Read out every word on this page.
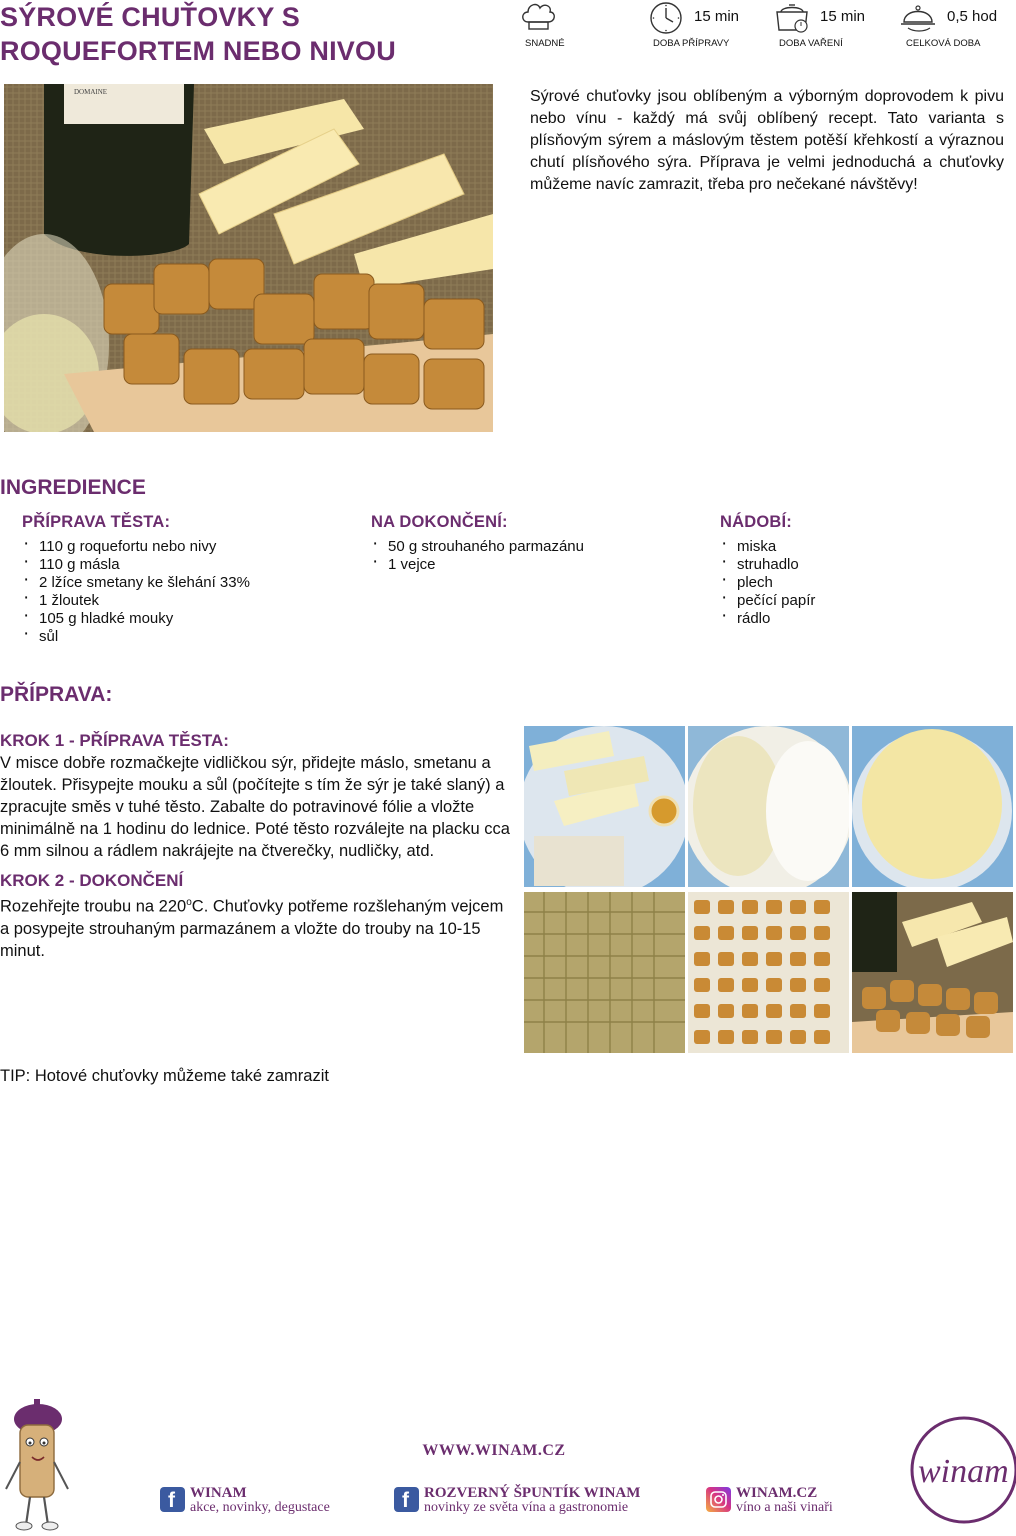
SÝROVÉ CHUŤOVKY S ROQUEFORTEM NEBO NIVOU	SNADNÉ
15 min
DOBA PŘÍPRAVY
15 min
DOBA VAŘENÍ
0,5 hod
CELKOVÁ DOBA
DOMAINE	Sýrové chuťovky jsou oblíbeným a výborným doprovodem k pivu nebo vínu - každý má svůj oblíbený recept. Tato varianta s plísňovým sýrem a máslovým těstem potěší křehkostí a výraznou chutí plísňového sýra. Příprava je velmi jednoduchá a chuťovky můžeme navíc zamrazit, třeba pro nečekané návštěvy!

INGREDIENCE
PŘÍPRAVA TĚSTA:
· 110 g roquefortu nebo nivy
· 110 g másla
· 2 lžíce smetany ke šlehání 33%
· 1 žloutek
· 105 g hladké mouky
· sůl
NA DOKONČENÍ:
· 50 g strouhaného parmazánu
· 1 vejce
NÁDOBÍ:
· miska
· struhadlo
· plech
· pečící papír
· rádlo
PŘÍPRAVA:
KROK 1 - PŘÍPRAVA TĚSTA:

V misce dobře rozmačkejte vidličkou sýr, přidejte máslo, smetanu a žloutek. Přisypejte mouku a sůl (počítejte s tím že sýr je také slaný) a zpracujte směs v tuhé těsto. Zabalte do potravinové fólie a vložte minimálně na 1 hodinu do lednice. Poté těsto rozválejte na placku cca 6 mm silnou a rádlem nakrájejte na čtverečky, nudličky, atd.

KROK 2 - DOKONČENÍ

Rozehřejte troubu na 220$^o$C. Chuťovky potřeme rozšlehaným vejcem a posypejte strouhaným parmazánem a vložte do trouby na 10-15 minut.

TIP: Hotové chuťovky můžeme také zamrazit

WWW.WINAM.CZ
f WINAM
akce, novinky, degustace	f ROZVERNÝ ŠPUNTÍK WINAM
novinky ze světa vína a gastronomie
WINAM.CZ
víno a naši vinaři
winam
